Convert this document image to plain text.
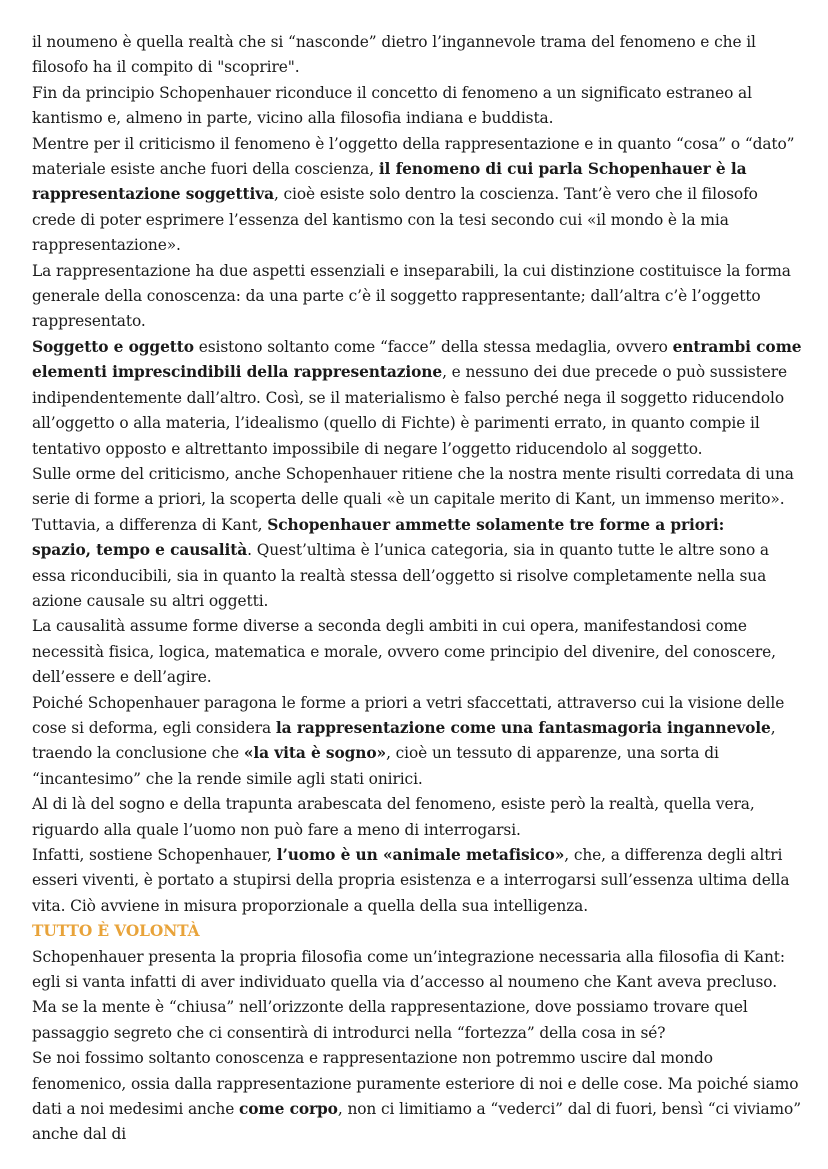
il noumeno è quella realtà che si “nasconde” dietro l’ingannevole trama del fenomeno e che il filosofo ha il compito di "scoprire".

Fin da principio Schopenhauer riconduce il concetto di fenomeno a un significato estraneo al kantismo e, almeno in parte, vicino alla filosofia indiana e buddista.

Mentre per il criticismo il fenomeno è l’oggetto della rappresentazione e in quanto “cosa” o “dato” materiale esiste anche fuori della coscienza, il fenomeno di cui parla Schopenhauer è la rappresentazione soggettiva, cioè esiste solo dentro la coscienza. Tant’è vero che il filosofo crede di poter esprimere l’essenza del kantismo con la tesi secondo cui «il mondo è la mia rappresentazione».

La rappresentazione ha due aspetti essenziali e inseparabili, la cui distinzione costituisce la forma generale della conoscenza: da una parte c’è il soggetto rappresentante; dall’altra c’è l’oggetto rappresentato.

Soggetto e oggetto esistono soltanto come “facce” della stessa medaglia, ovvero entrambi come elementi imprescindibili della rappresentazione, e nessuno dei due precede o può sussistere indipendentemente dall’altro. Così, se il materialismo è falso perché nega il soggetto riducendolo all’oggetto o alla materia, l’idealismo (quello di Fichte) è parimenti errato, in quanto compie il tentativo opposto e altrettanto impossibile di negare l’oggetto riducendolo al soggetto.

Sulle orme del criticismo, anche Schopenhauer ritiene che la nostra mente risulti corredata di una serie di forme a priori, la scoperta delle quali «è un capitale merito di Kant, un immenso merito».

Tuttavia, a differenza di Kant, Schopenhauer ammette solamente tre forme a priori:

spazio, tempo e causalità. Quest’ultima è l’unica categoria, sia in quanto tutte le altre sono a essa riconducibili, sia in quanto la realtà stessa dell’oggetto si risolve completamente nella sua azione causale su altri oggetti.

La causalità assume forme diverse a seconda degli ambiti in cui opera, manifestandosi come necessità fisica, logica, matematica e morale, ovvero come principio del divenire, del conoscere, dell’essere e dell’agire.

Poiché Schopenhauer paragona le forme a priori a vetri sfaccettati, attraverso cui la visione delle cose si deforma, egli considera la rappresentazione come una fantasmagoria ingannevole, traendo la conclusione che «la vita è sogno», cioè un tessuto di apparenze, una sorta di “incantesimo” che la rende simile agli stati onirici.

Al di là del sogno e della trapunta arabescata del fenomeno, esiste però la realtà, quella vera, riguardo alla quale l’uomo non può fare a meno di interrogarsi.

Infatti, sostiene Schopenhauer, l’uomo è un «animale metafisico», che, a differenza degli altri esseri viventi, è portato a stupirsi della propria esistenza e a interrogarsi sull’essenza ultima della vita. Ciò avviene in misura proporzionale a quella della sua intelligenza.

TUTTO È VOLONTÀ

Schopenhauer presenta la propria filosofia come un’integrazione necessaria alla filosofia di Kant: egli si vanta infatti di aver individuato quella via d’accesso al noumeno che Kant aveva precluso. Ma se la mente è “chiusa” nell’orizzonte della rappresentazione, dove possiamo trovare quel passaggio segreto che ci consentirà di introdurci nella “fortezza” della cosa in sé?

Se noi fossimo soltanto conoscenza e rappresentazione non potremmo uscire dal mondo fenomenico, ossia dalla rappresentazione puramente esteriore di noi e delle cose. Ma poiché siamo dati a noi medesimi anche come corpo, non ci limitiamo a “vederci” dal di fuori, bensì “ci viviamo” anche dal di
